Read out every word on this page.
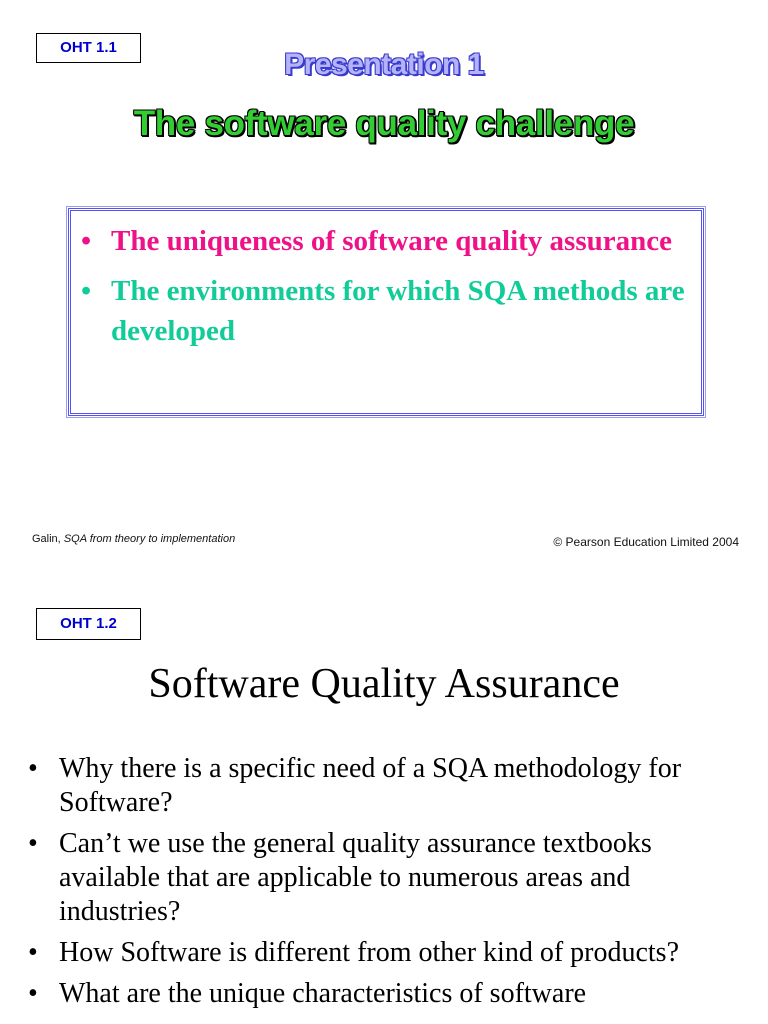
OHT 1.1
Presentation 1
The software quality challenge
• The uniqueness of software quality assurance
• The environments for which SQA methods are developed
Galin, SQA from theory to implementation	© Pearson Education Limited 2004
OHT 1.2
Software Quality Assurance
• Why there is a specific need of a SQA methodology for Software?
• Can’t we use the general quality assurance textbooks available that are applicable to numerous areas and industries?
• How Software is different from other kind of products?
• What are the unique characteristics of software
